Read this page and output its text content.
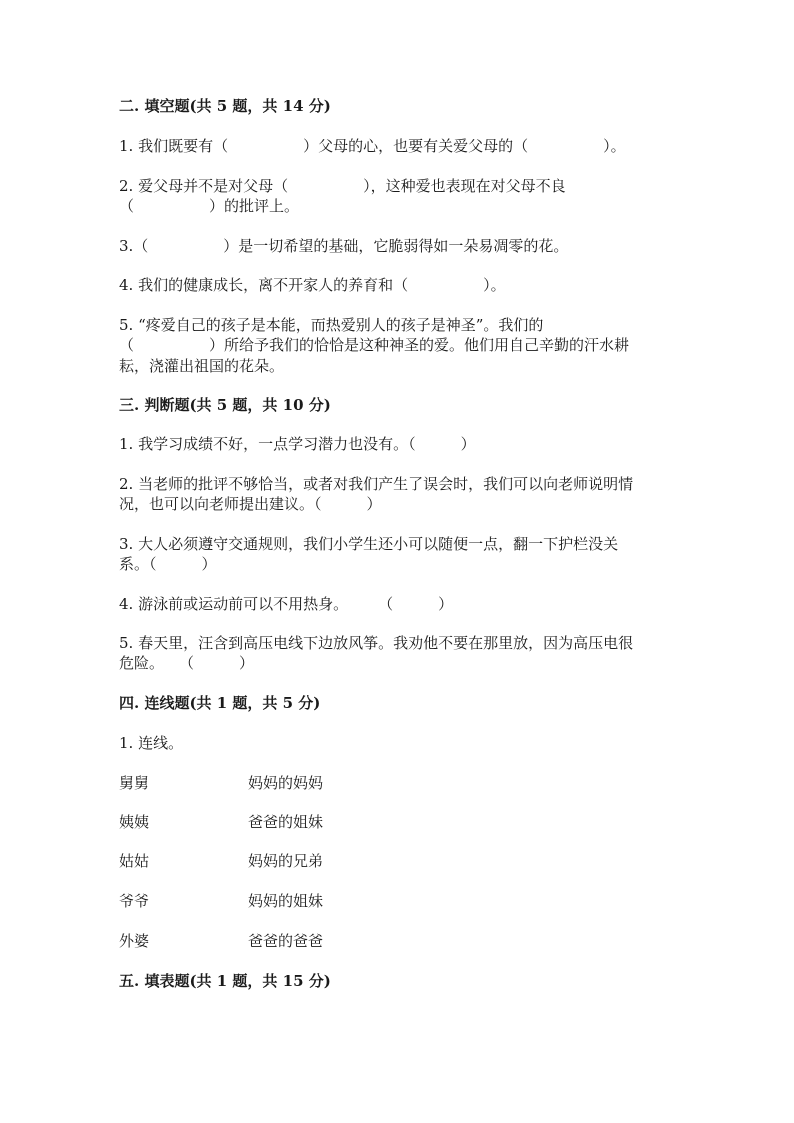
二. 填空题(共 5 题，共 14 分)
1. 我们既要有（　　　　　）父母的心，也要有关爱父母的（　　　　　）。
2. 爱父母并不是对父母（　　　　　），这种爱也表现在对父母不良
（　　　　　）的批评上。
3.（　　　　　）是一切希望的基础，它脆弱得如一朵易凋零的花。
4. 我们的健康成长，离不开家人的养育和（　　　　　）。
5. “疼爱自己的孩子是本能，而热爱别人的孩子是神圣”。我们的
（　　　　　）所给予我们的恰恰是这种神圣的爱。他们用自己辛勤的汗水耕
耘，浇灌出祖国的花朵。
三. 判断题(共 5 题，共 10 分)
1. 我学习成绩不好，一点学习潜力也没有。（　　　）
2. 当老师的批评不够恰当，或者对我们产生了误会时，我们可以向老师说明情
况，也可以向老师提出建议。（　　　）
3. 大人必须遵守交通规则，我们小学生还小可以随便一点，翻一下护栏没关
系。（　　　）
4. 游泳前或运动前可以不用热身。　　　（　　　）
5. 春天里，汪含到高压电线下边放风筝。我劝他不要在那里放，因为高压电很
危险。　　（　　　）
四. 连线题(共 1 题，共 5 分)
1. 连线。
舅舅	妈妈的妈妈
姨姨	爸爸的姐妹
姑姑	妈妈的兄弟
爷爷	妈妈的姐妹
外婆	爸爸的爸爸
五. 填表题(共 1 题，共 15 分)
